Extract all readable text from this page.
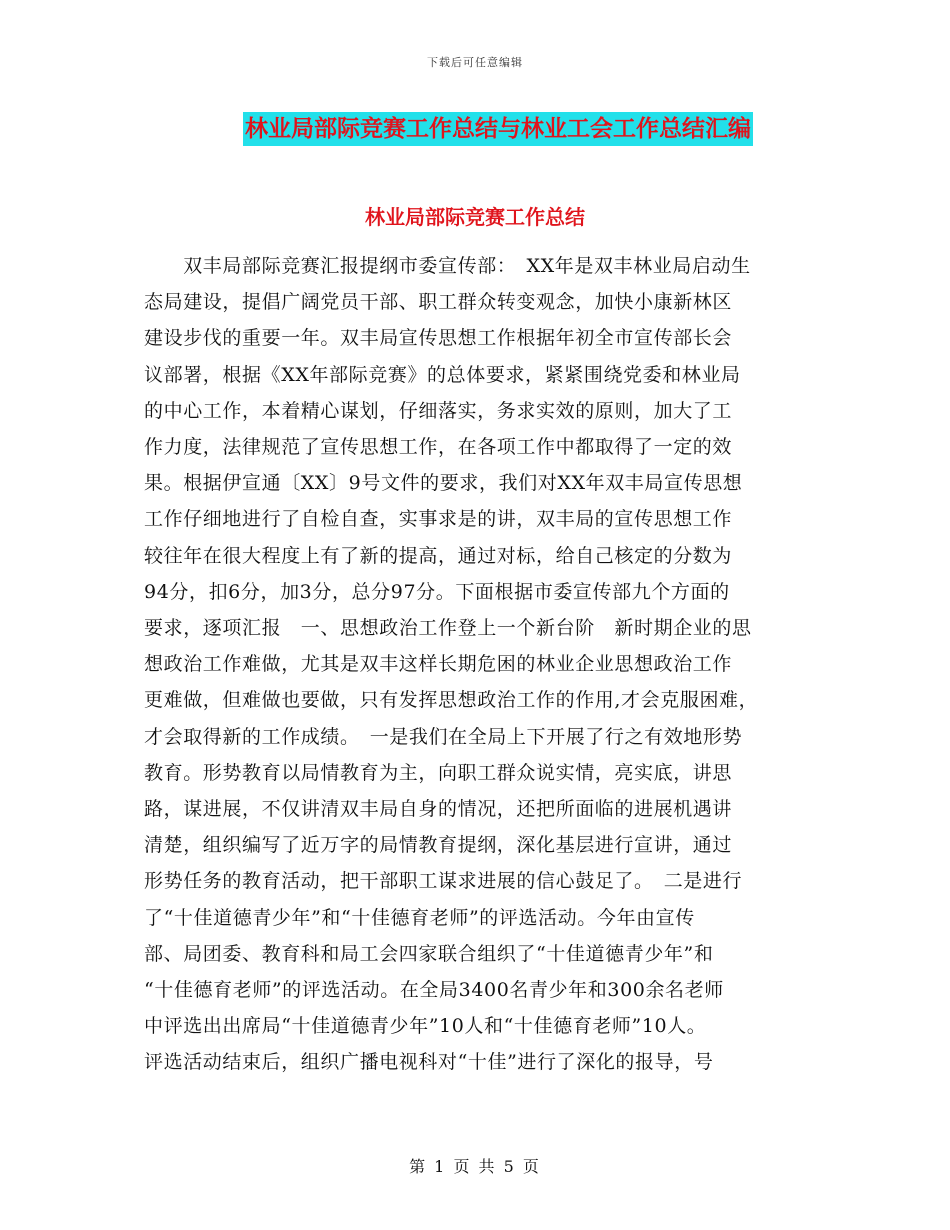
下载后可任意编辑
林业局部际竞赛工作总结与林业工会工作总结汇编
林业局部际竞赛工作总结
　　双丰局部际竞赛汇报提纲市委宣传部：　XX年是双丰林业局启动生
态局建设，提倡广阔党员干部、职工群众转变观念，加快小康新林区
建设步伐的重要一年。双丰局宣传思想工作根据年初全市宣传部长会
议部署，根据《XX年部际竞赛》的总体要求，紧紧围绕党委和林业局
的中心工作，本着精心谋划，仔细落实，务求实效的原则，加大了工
作力度，法律规范了宣传思想工作，在各项工作中都取得了一定的效
果。根据伊宣通〔XX〕9号文件的要求，我们对XX年双丰局宣传思想
工作仔细地进行了自检自查，实事求是的讲，双丰局的宣传思想工作
较往年在很大程度上有了新的提高，通过对标，给自己核定的分数为
94分，扣6分，加3分，总分97分。下面根据市委宣传部九个方面的
要求，逐项汇报　一、思想政治工作登上一个新台阶　新时期企业的思
想政治工作难做，尤其是双丰这样长期危困的林业企业思想政治工作
更难做，但难做也要做，只有发挥思想政治工作的作用,才会克服困难，
才会取得新的工作成绩。　一是我们在全局上下开展了行之有效地形势
教育。形势教育以局情教育为主，向职工群众说实情，亮实底，讲思
路，谋进展，不仅讲清双丰局自身的情况，还把所面临的进展机遇讲
清楚，组织编写了近万字的局情教育提纲，深化基层进行宣讲，通过
形势任务的教育活动，把干部职工谋求进展的信心鼓足了。　二是进行
了“十佳道德青少年”和“十佳德育老师”的评选活动。今年由宣传
部、局团委、教育科和局工会四家联合组织了“十佳道德青少年”和
“十佳德育老师”的评选活动。在全局3400名青少年和300余名老师
中评选出出席局“十佳道德青少年”10人和“十佳德育老师”10人。
评选活动结束后，组织广播电视科对“十佳”进行了深化的报导，号
第 1 页 共 5 页
